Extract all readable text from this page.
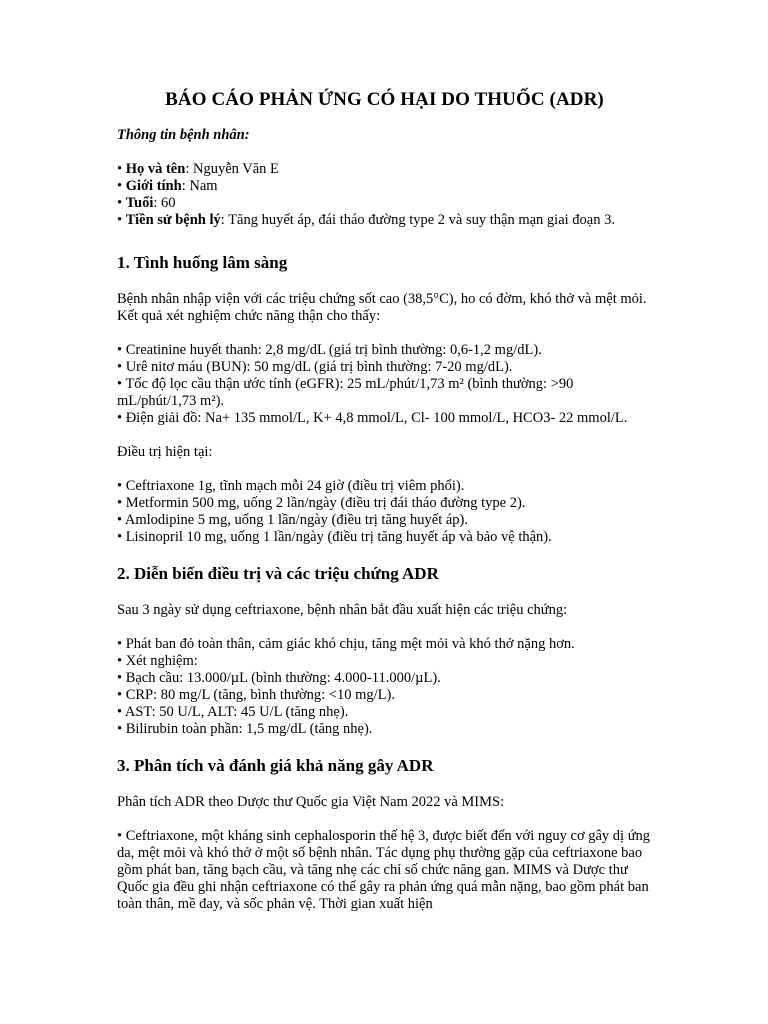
BÁO CÁO PHẢN ỨNG CÓ HẠI DO THUỐC (ADR)

Thông tin bệnh nhân:

• Họ và tên: Nguyễn Văn E
• Giới tính: Nam
• Tuổi: 60
• Tiền sử bệnh lý: Tăng huyết áp, đái tháo đường type 2 và suy thận mạn giai đoạn 3.
1. Tình huống lâm sàng

Bệnh nhân nhập viện với các triệu chứng sốt cao (38,5°C), ho có đờm, khó thở và mệt mỏi. Kết quả xét nghiệm chức năng thận cho thấy:

• Creatinine huyết thanh: 2,8 mg/dL (giá trị bình thường: 0,6-1,2 mg/dL).
• Urê nitơ máu (BUN): 50 mg/dL (giá trị bình thường: 7-20 mg/dL).
• Tốc độ lọc cầu thận ước tính (eGFR): 25 mL/phút/1,73 m² (bình thường: >90 mL/phút/1,73 m²).
• Điện giải đồ: Na+ 135 mmol/L, K+ 4,8 mmol/L, Cl- 100 mmol/L, HCO3- 22 mmol/L.

Điều trị hiện tại:

• Ceftriaxone 1g, tĩnh mạch mỗi 24 giờ (điều trị viêm phổi).
• Metformin 500 mg, uống 2 lần/ngày (điều trị đái tháo đường type 2).
• Amlodipine 5 mg, uống 1 lần/ngày (điều trị tăng huyết áp).
• Lisinopril 10 mg, uống 1 lần/ngày (điều trị tăng huyết áp và bảo vệ thận).
2. Diễn biến điều trị và các triệu chứng ADR

Sau 3 ngày sử dụng ceftriaxone, bệnh nhân bắt đầu xuất hiện các triệu chứng:

• Phát ban đỏ toàn thân, cảm giác khó chịu, tăng mệt mỏi và khó thở nặng hơn.
• Xét nghiệm:
• Bạch cầu: 13.000/µL (bình thường: 4.000-11.000/µL).
• CRP: 80 mg/L (tăng, bình thường: <10 mg/L).
• AST: 50 U/L, ALT: 45 U/L (tăng nhẹ).
• Bilirubin toàn phần: 1,5 mg/dL (tăng nhẹ).
3. Phân tích và đánh giá khả năng gây ADR

Phân tích ADR theo Dược thư Quốc gia Việt Nam 2022 và MIMS:

• Ceftriaxone, một kháng sinh cephalosporin thế hệ 3, được biết đến với nguy cơ gây dị ứng da, mệt mỏi và khó thở ở một số bệnh nhân. Tác dụng phụ thường gặp của ceftriaxone bao gồm phát ban, tăng bạch cầu, và tăng nhẹ các chỉ số chức năng gan. MIMS và Dược thư Quốc gia đều ghi nhận ceftriaxone có thể gây ra phản ứng quá mẫn nặng, bao gồm phát ban toàn thân, mề đay, và sốc phản vệ. Thời gian xuất hiện
